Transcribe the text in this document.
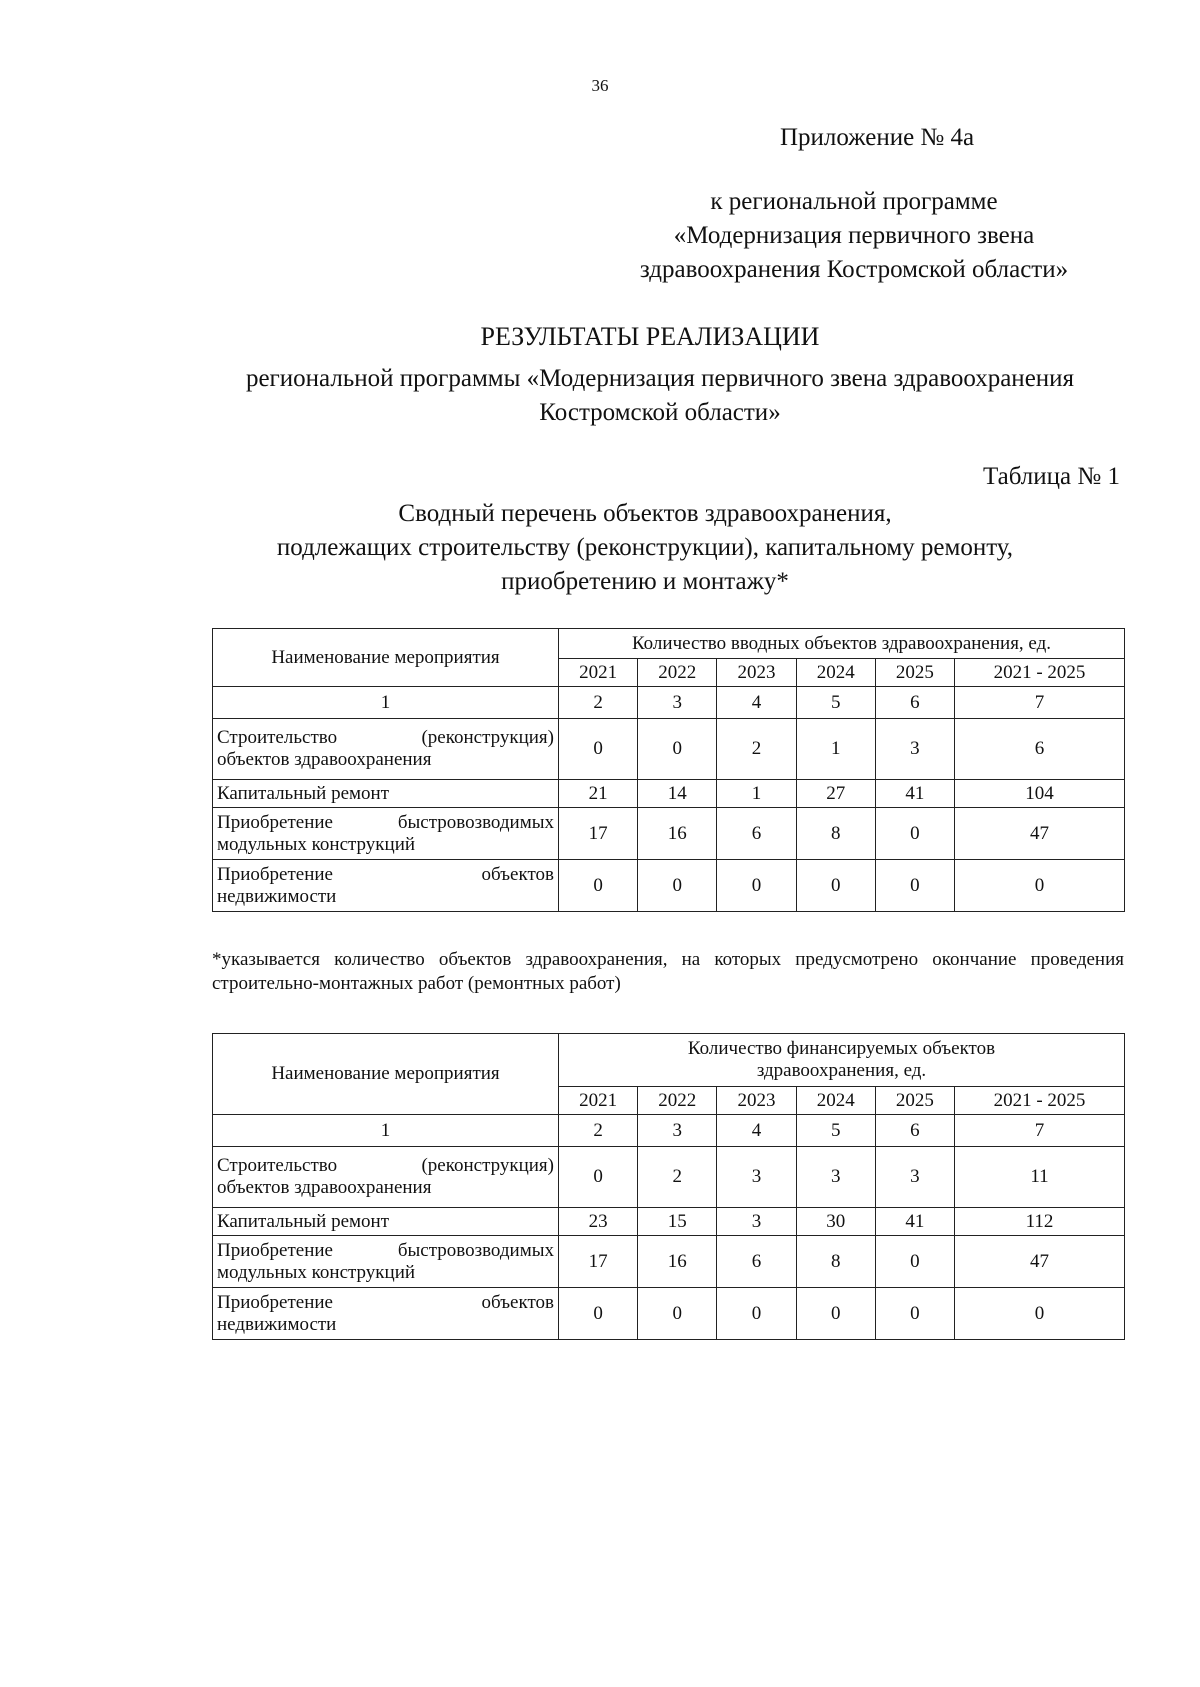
36
Приложение № 4а
к региональной программе
«Модернизация первичного звена
здравоохранения Костромской области»
РЕЗУЛЬТАТЫ РЕАЛИЗАЦИИ
региональной программы «Модернизация первичного звена здравоохранения
Костромской области»
Таблица № 1
Сводный перечень объектов здравоохранения,
подлежащих строительству (реконструкции), капитальному ремонту,
приобретению и монтажу*
Наименование мероприятия	Количество вводных объектов здравоохранения, ед.					
	2021	2022	2023	2024	2025	2021 - 2025
1	2	3	4	5	6	7

Строительство (реконструкция)
объектов здравоохранения	0	0	2	1	3	6
Капитальный ремонт	21	14	1	27	41	104

Приобретение быстровозводимых
модульных конструкций	17	16	6	8	0	47

Приобретение объектов
недвижимости	0	0	0	0	0	0
*указывается количество объектов здравоохранения, на которых предусмотрено окончание проведения строительно-монтажных работ (ремонтных работ)
Наименование мероприятия	Количество финансируемых объектов
здравоохранения, ед.					

	2021	2022	2023	2024	2025	2021 - 2025
1	2	3	4	5	6	7

Строительство (реконструкция)
объектов здравоохранения	0	2	3	3	3	11
Капитальный ремонт	23	15	3	30	41	112

Приобретение быстровозводимых
модульных конструкций	17	16	6	8	0	47

Приобретение объектов
недвижимости	0	0	0	0	0	0
